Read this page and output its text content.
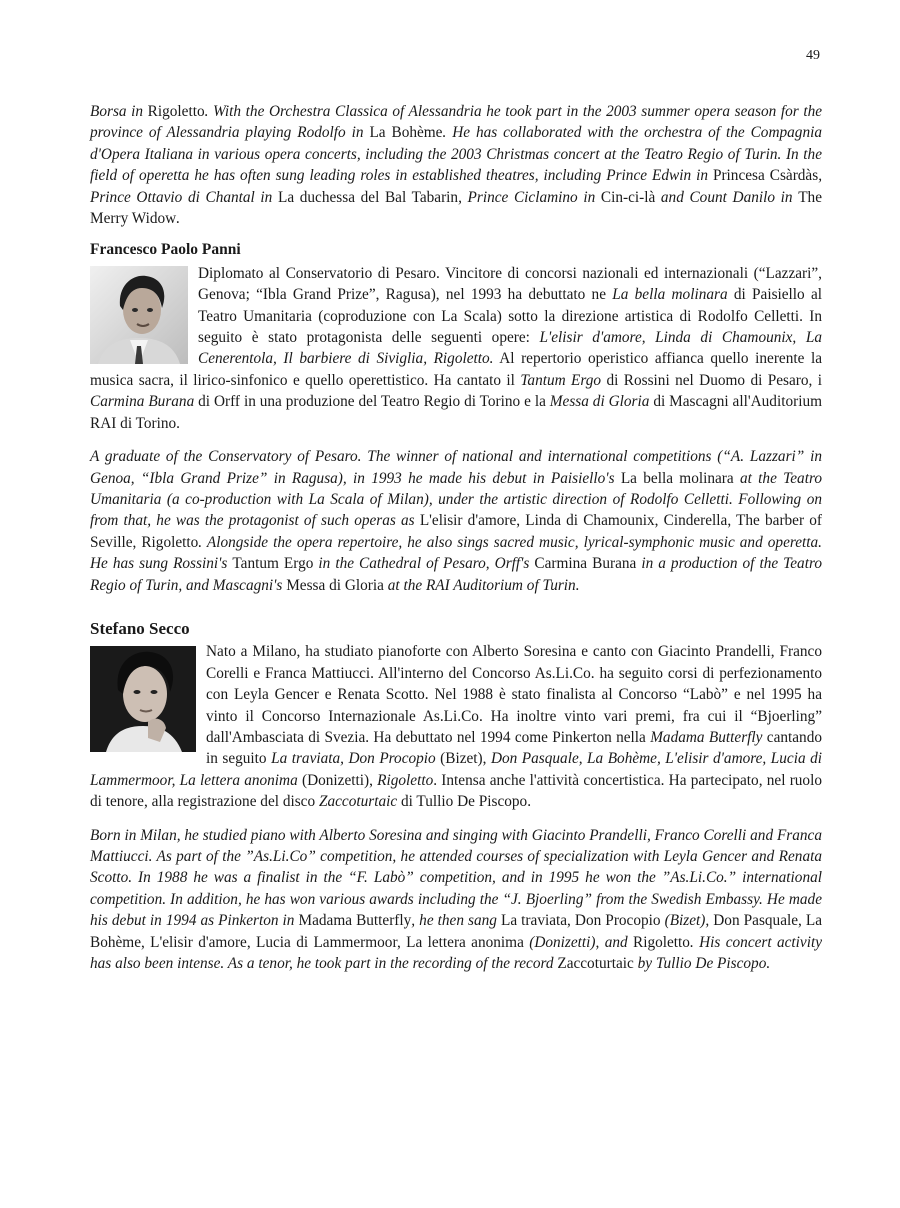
49

Borsa in Rigoletto. With the Orchestra Classica of Alessandria he took part in the 2003 summer opera season for the province of Alessandria playing Rodolfo in La Bohème. He has collaborated with the orchestra of the Compagnia d'Opera Italiana in various opera concerts, including the 2003 Christmas concert at the Teatro Regio of Turin. In the field of operetta he has often sung leading roles in established theatres, including Prince Edwin in Princesa Csàrdàs, Prince Ottavio di Chantal in La duchessa del Bal Tabarin, Prince Ciclamino in Cin-ci-là and Count Danilo in The Merry Widow.

Francesco Paolo Panni

Diplomato al Conservatorio di Pesaro. Vincitore di concorsi nazionali ed internazionali (“Lazzari”, Genova; “Ibla Grand Prize”, Ragusa), nel 1993 ha debuttato ne La bella molinara di Paisiello al Teatro Umanitaria (coproduzione con La Scala) sotto la direzione artistica di Rodolfo Celletti. In seguito è stato protagonista delle seguenti opere: L'elisir d'amore, Linda di Chamounix, La Cenerentola, Il barbiere di Siviglia, Rigoletto. Al repertorio operistico affianca quello inerente la musica sacra, il lirico-sinfonico e quello operettistico. Ha cantato il Tantum Ergo di Rossini nel Duomo di Pesaro, i Carmina Burana di Orff in una produzione del Teatro Regio di Torino e la Messa di Gloria di Mascagni all'Auditorium RAI di Torino.

A graduate of the Conservatory of Pesaro. The winner of national and international competitions (“A. Lazzari” in Genoa, “Ibla Grand Prize” in Ragusa), in 1993 he made his debut in Paisiello's La bella molinara at the Teatro Umanitaria (a co-production with La Scala of Milan), under the artistic direction of Rodolfo Celletti. Following on from that, he was the protagonist of such operas as L'elisir d'amore, Linda di Chamounix, Cinderella, The barber of Seville, Rigoletto. Alongside the opera repertoire, he also sings sacred music, lyrical-symphonic music and operetta. He has sung Rossini's Tantum Ergo in the Cathedral of Pesaro, Orff's Carmina Burana in a production of the Teatro Regio of Turin, and Mascagni's Messa di Gloria at the RAI Auditorium of Turin.

Stefano Secco

Nato a Milano, ha studiato pianoforte con Alberto Soresina e canto con Giacinto Prandelli, Franco Corelli e Franca Mattiucci. All'interno del Concorso As.Li.Co. ha seguito corsi di perfezionamento con Leyla Gencer e Renata Scotto. Nel 1988 è stato finalista al Concorso “Labò” e nel 1995 ha vinto il Concorso Internazionale As.Li.Co. Ha inoltre vinto vari premi, fra cui il “Bjoerling” dall'Ambasciata di Svezia. Ha debuttato nel 1994 come Pinkerton nella Madama Butterfly cantando in seguito La traviata, Don Procopio (Bizet), Don Pasquale, La Bohème, L'elisir d'amore, Lucia di Lammermoor, La lettera anonima (Donizetti), Rigoletto. Intensa anche l'attività concertistica. Ha partecipato, nel ruolo di tenore, alla registrazione del disco Zaccoturtaic di Tullio De Piscopo.

Born in Milan, he studied piano with Alberto Soresina and singing with Giacinto Prandelli, Franco Corelli and Franca Mattiucci. As part of the ”As.Li.Co” competition, he attended courses of specialization with Leyla Gencer and Renata Scotto. In 1988 he was a finalist in the “F. Labò” competition, and in 1995 he won the ”As.Li.Co.” international competition. In addition, he has won various awards including the “J. Bjoerling” from the Swedish Embassy. He made his debut in 1994 as Pinkerton in Madama Butterfly, he then sang La traviata, Don Procopio (Bizet), Don Pasquale, La Bohème, L'elisir d'amore, Lucia di Lammermoor, La lettera anonima (Donizetti), and Rigoletto. His concert activity has also been intense. As a tenor, he took part in the recording of the record Zaccoturtaic by Tullio De Piscopo.
